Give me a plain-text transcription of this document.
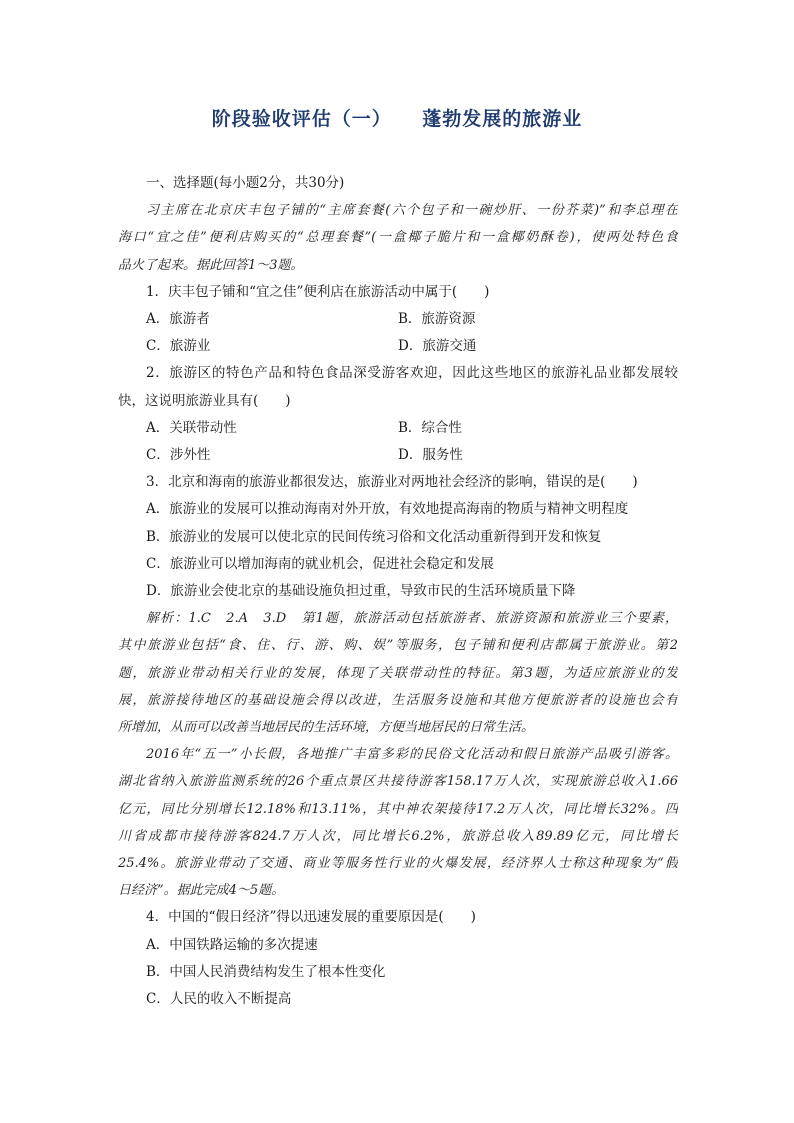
阶段验收评估（一）    蓬勃发展的旅游业
一、选择题(每小题2分，共30分)
习主席在北京庆丰包子铺的“主席套餐(六个包子和一碗炒肝、一份芥菜)”和李总理在
海口“宜之佳”便利店购买的“总理套餐”(一盒椰子脆片和一盒椰奶酥卷)，使两处特色食
品火了起来。据此回答1～3题。
1．庆丰包子铺和“宜之佳”便利店在旅游活动中属于(　　)
A．旅游者	B．旅游资源
C．旅游业	D．旅游交通
2．旅游区的特色产品和特色食品深受游客欢迎，因此这些地区的旅游礼品业都发展较
快，这说明旅游业具有(　　)
A．关联带动性	B．综合性
C．涉外性	D．服务性
3．北京和海南的旅游业都很发达，旅游业对两地社会经济的影响，错误的是(　　)
A．旅游业的发展可以推动海南对外开放，有效地提高海南的物质与精神文明程度
B．旅游业的发展可以使北京的民间传统习俗和文化活动重新得到开发和恢复
C．旅游业可以增加海南的就业机会，促进社会稳定和发展
D．旅游业会使北京的基础设施负担过重，导致市民的生活环境质量下降
解析：1.C　2.A　3.D　第1题，旅游活动包括旅游者、旅游资源和旅游业三个要素，
其中旅游业包括“食、住、行、游、购、娱”等服务，包子铺和便利店都属于旅游业。第2
题，旅游业带动相关行业的发展，体现了关联带动性的特征。第3题，为适应旅游业的发
展，旅游接待地区的基础设施会得以改进，生活服务设施和其他方便旅游者的设施也会有
所增加，从而可以改善当地居民的生活环境，方便当地居民的日常生活。
2016年“五一”小长假，各地推广丰富多彩的民俗文化活动和假日旅游产品吸引游客。
湖北省纳入旅游监测系统的26个重点景区共接待游客158.17万人次，实现旅游总收入1.66
亿元，同比分别增长12.18%和13.11%，其中神农架接待17.2万人次，同比增长32%。四
川省成都市接待游客824.7万人次，同比增长6.2%，旅游总收入89.89亿元，同比增长
25.4%。旅游业带动了交通、商业等服务性行业的火爆发展，经济界人士称这种现象为“假
日经济”。据此完成4～5题。
4．中国的“假日经济”得以迅速发展的重要原因是(　　)
A．中国铁路运输的多次提速
B．中国人民消费结构发生了根本性变化
C．人民的收入不断提高
